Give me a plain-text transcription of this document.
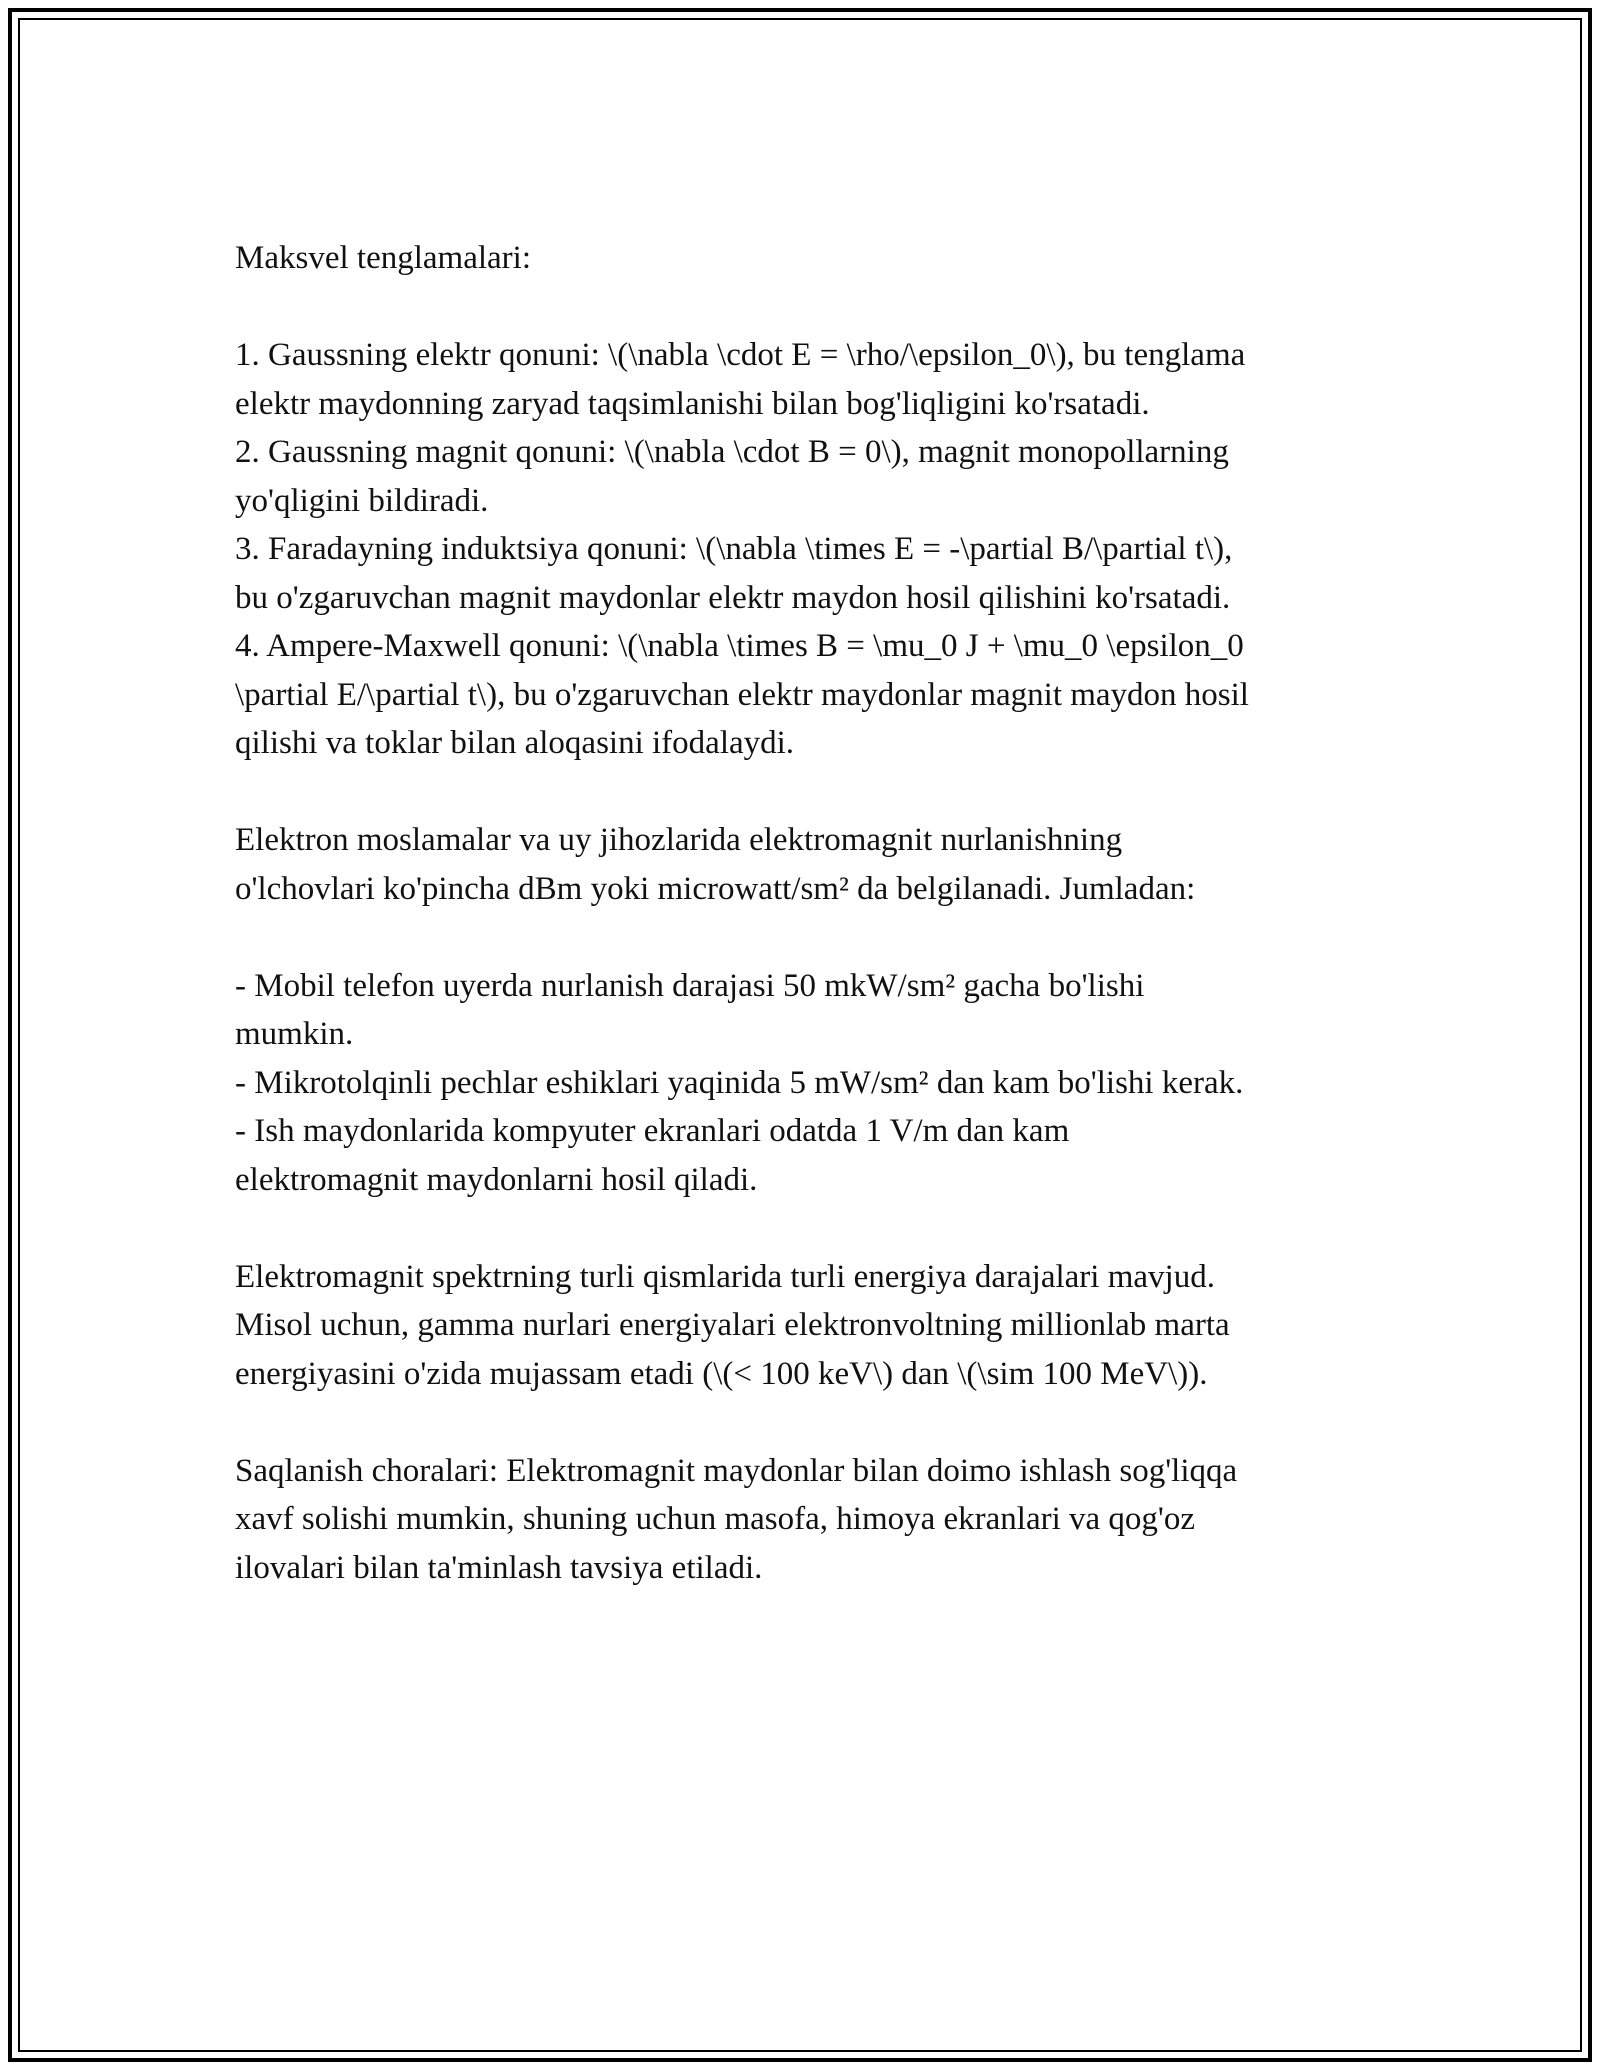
Maksvel tenglamalari:
1. Gaussning elektr qonuni: \(\nabla \cdot E = \rho/\epsilon_0\), bu tenglama
elektr maydonning zaryad taqsimlanishi bilan bog'liqligini ko'rsatadi.
2. Gaussning magnit qonuni: \(\nabla \cdot B = 0\), magnit monopollarning
yo'qligini bildiradi.
3. Faradayning induktsiya qonuni: \(\nabla \times E = -\partial B/\partial t\),
bu o'zgaruvchan magnit maydonlar elektr maydon hosil qilishini ko'rsatadi.
4. Ampere-Maxwell qonuni: \(\nabla \times B = \mu_0 J + \mu_0 \epsilon_0
\partial E/\partial t\), bu o'zgaruvchan elektr maydonlar magnit maydon hosil
qilishi va toklar bilan aloqasini ifodalaydi.
Elektron moslamalar va uy jihozlarida elektromagnit nurlanishning
o'lchovlari ko'pincha dBm yoki microwatt/sm² da belgilanadi. Jumladan:
- Mobil telefon uyerda nurlanish darajasi 50 mkW/sm² gacha bo'lishi
mumkin.
- Mikrotolqinli pechlar eshiklari yaqinida 5 mW/sm² dan kam bo'lishi kerak.
- Ish maydonlarida kompyuter ekranlari odatda 1 V/m dan kam
elektromagnit maydonlarni hosil qiladi.
Elektromagnit spektrning turli qismlarida turli energiya darajalari mavjud.
Misol uchun, gamma nurlari energiyalari elektronvoltning millionlab marta
energiyasini o'zida mujassam etadi (\(< 100 keV\) dan \(\sim 100 MeV\)).
Saqlanish choralari: Elektromagnit maydonlar bilan doimo ishlash sog'liqqa
xavf solishi mumkin, shuning uchun masofa, himoya ekranlari va qog'oz
ilovalari bilan ta'minlash tavsiya etiladi.
